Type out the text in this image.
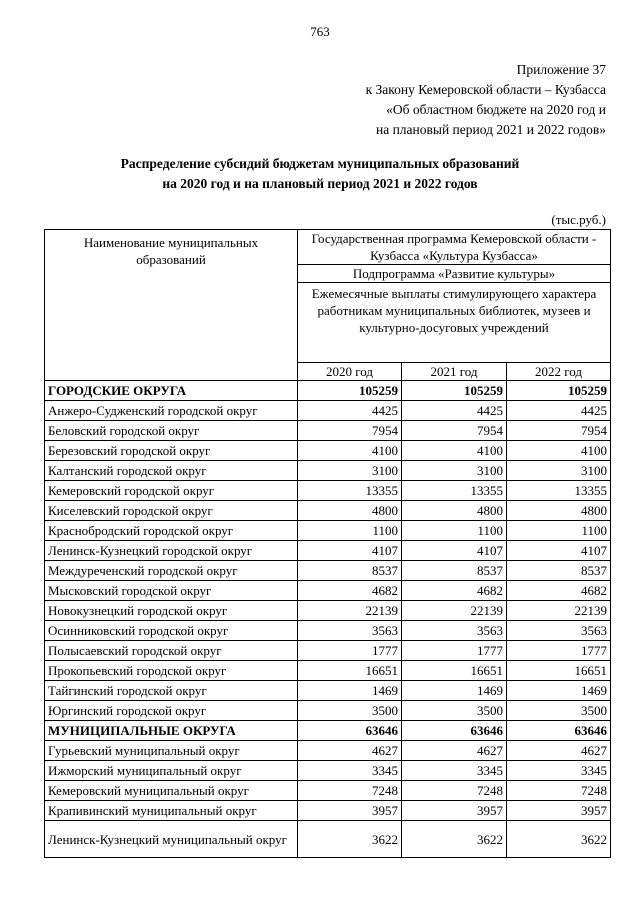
763
Приложение 37
к Закону Кемеровской области – Кузбасса
«Об областном бюджете на 2020 год и
на плановый период 2021 и 2022 годов»
Распределение субсидий бюджетам муниципальных образований
на 2020 год и на плановый период 2021 и 2022 годов
(тыс.руб.)
Наименование муниципальных образований	Государственная программа Кемеровской области - Кузбасса «Культура Кузбасса»		
	Подпрограмма «Развитие культуры»		
	Ежемесячные выплаты стимулирующего характера работникам муниципальных библиотек, музеев и культурно-досуговых учреждений		
	2020 год	2021 год	2022 год
ГОРОДСКИЕ ОКРУГА	105259	105259	105259
Анжеро-Судженский городской округ	4425	4425	4425
Беловский городской округ	7954	7954	7954
Березовский городской округ	4100	4100	4100
Калтанский городской округ	3100	3100	3100
Кемеровский городской округ	13355	13355	13355
Киселевский городской округ	4800	4800	4800
Краснобродский городской округ	1100	1100	1100
Ленинск-Кузнецкий городской округ	4107	4107	4107
Междуреченский городской округ	8537	8537	8537
Мысковский городской округ	4682	4682	4682
Новокузнецкий городской округ	22139	22139	22139
Осинниковский городской округ	3563	3563	3563
Полысаевский городской округ	1777	1777	1777
Прокопьевский городской округ	16651	16651	16651
Тайгинский городской округ	1469	1469	1469
Юргинский городской округ	3500	3500	3500
МУНИЦИПАЛЬНЫЕ ОКРУГА	63646	63646	63646
Гурьевский муниципальный округ	4627	4627	4627
Ижморский муниципальный округ	3345	3345	3345
Кемеровский муниципальный округ	7248	7248	7248
Крапивинский муниципальный округ	3957	3957	3957
Ленинск-Кузнецкий муниципальный округ	3622	3622	3622
